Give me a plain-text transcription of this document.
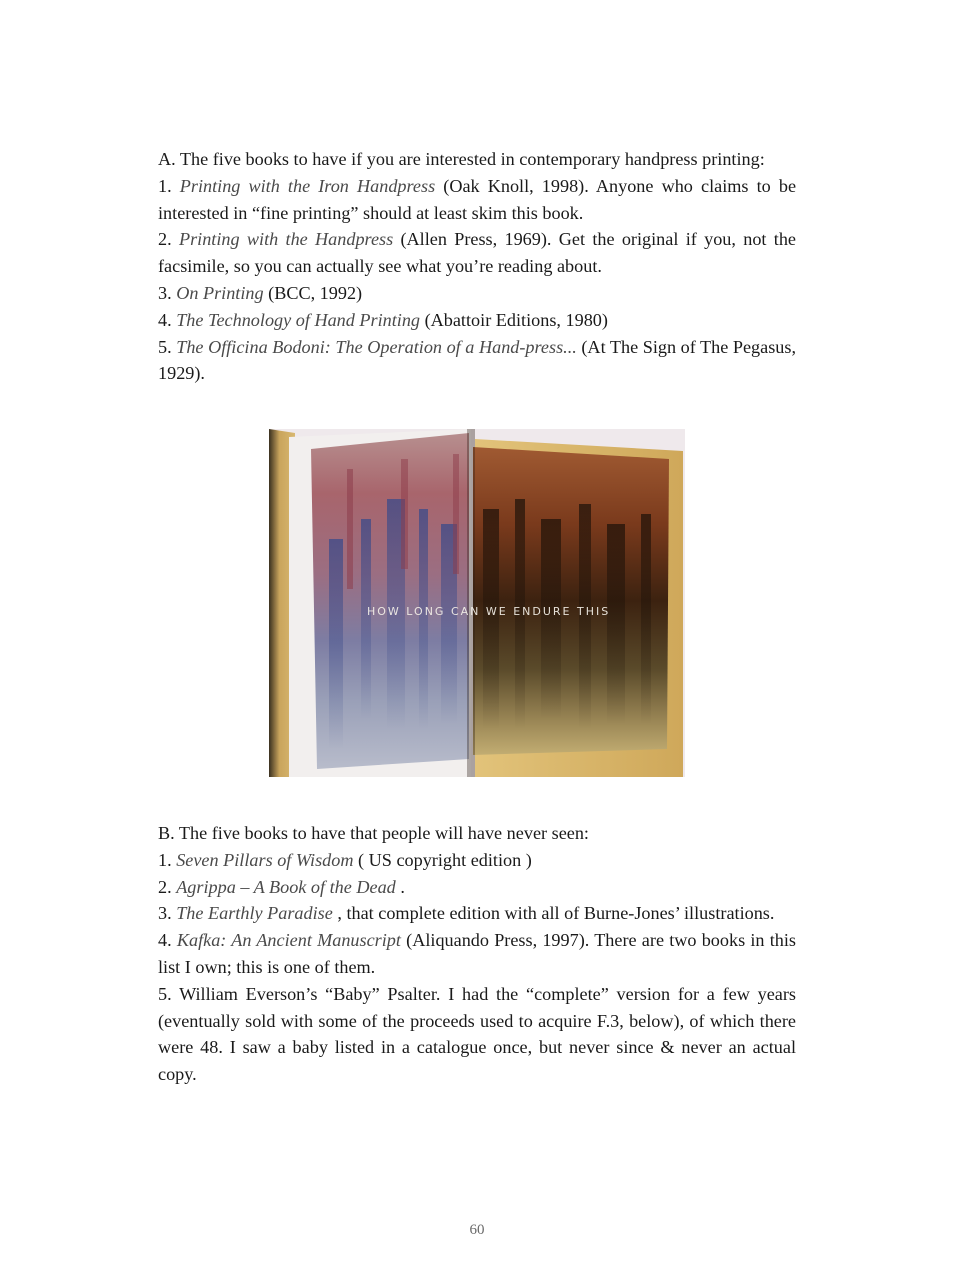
A. The five books to have if you are interested in contemporary handpress printing:

1. Printing with the Iron Handpress (Oak Knoll, 1998). Anyone who claims to be interested in “fine printing” should at least skim this book.

2. Printing with the Handpress (Allen Press, 1969). Get the original if you, not the facsimile, so you can actually see what you’re reading about.

3. On Printing (BCC, 1992)

4. The Technology of Hand Printing (Abattoir Editions, 1980)

5. The Officina Bodoni: The Operation of a Hand-press... (At The Sign of The Pegasus, 1929).

HOW LONG CAN WE ENDURE THIS

B. The five books to have that people will have never seen:

1. Seven Pillars of Wisdom ( US copyright edition )

2. Agrippa – A Book of the Dead .

3. The Earthly Paradise , that complete edition with all of Burne-Jones’ illustrations.

4. Kafka: An Ancient Manuscript (Aliquando Press, 1997). There are two books in this list I own; this is one of them.

5. William Everson’s “Baby” Psalter. I had the “complete” version for a few years (eventually sold with some of the proceeds used to acquire F.3, below), of which there were 48. I saw a baby listed in a catalogue once, but never since & never an actual copy.

60
